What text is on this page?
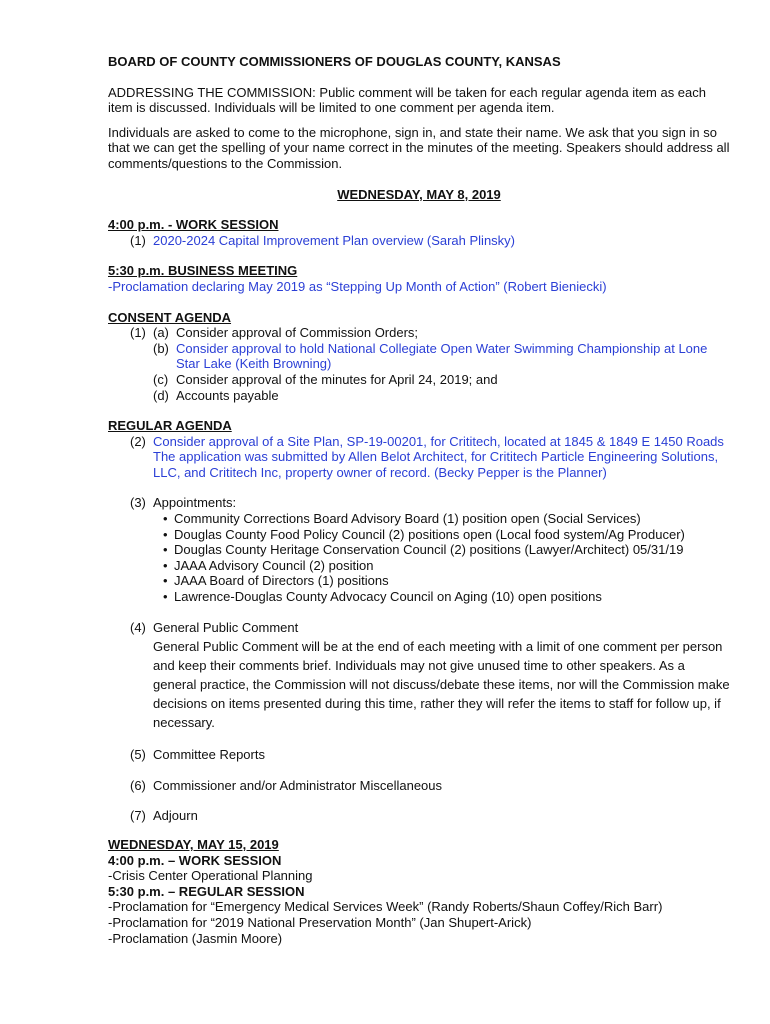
BOARD OF COUNTY COMMISSIONERS OF DOUGLAS COUNTY, KANSAS

ADDRESSING THE COMMISSION: Public comment will be taken for each regular agenda item as each item is discussed. Individuals will be limited to one comment per agenda item.

Individuals are asked to come to the microphone, sign in, and state their name. We ask that you sign in so that we can get the spelling of your name correct in the minutes of the meeting. Speakers should address all comments/questions to the Commission.

WEDNESDAY, MAY 8, 2019

4:00 p.m. - WORK SESSION

(1) 2020-2024 Capital Improvement Plan overview (Sarah Plinsky)

5:30 p.m. BUSINESS MEETING

-Proclamation declaring May 2019 as “Stepping Up Month of Action” (Robert Bieniecki)

CONSENT AGENDA

(1) (a) Consider approval of Commission Orders;
(b) Consider approval to hold National Collegiate Open Water Swimming Championship at Lone Star Lake (Keith Browning)
(c) Consider approval of the minutes for April 24, 2019; and
(d) Accounts payable

REGULAR AGENDA

(2) Consider approval of a Site Plan, SP-19-00201, for Crititech, located at 1845 & 1849 E 1450 Roads The application was submitted by Allen Belot Architect, for Crititech Particle Engineering Solutions, LLC, and Crititech Inc, property owner of record. (Becky Pepper is the Planner)
(3) Appointments:

• Community Corrections Board Advisory Board (1) position open (Social Services)
• Douglas County Food Policy Council (2) positions open (Local food system/Ag Producer)
• Douglas County Heritage Conservation Council (2) positions (Lawyer/Architect) 05/31/19
• JAAA Advisory Council (2) position
• JAAA Board of Directors (1) positions
• Lawrence-Douglas County Advocacy Council on Aging (10) open positions
(4) General Public Comment

General Public Comment will be at the end of each meeting with a limit of one comment per person and keep their comments brief. Individuals may not give unused time to other speakers. As a general practice, the Commission will not discuss/debate these items, nor will the Commission make decisions on items presented during this time, rather they will refer the items to staff for follow up, if necessary.

(5) Committee Reports
(6) Commissioner and/or Administrator Miscellaneous
(7) Adjourn

WEDNESDAY, MAY 15, 2019

4:00 p.m. – WORK SESSION

-Crisis Center Operational Planning

5:30 p.m. – REGULAR SESSION

-Proclamation for “Emergency Medical Services Week” (Randy Roberts/Shaun Coffey/Rich Barr)

-Proclamation for “2019 National Preservation Month” (Jan Shupert-Arick)

-Proclamation (Jasmin Moore)
